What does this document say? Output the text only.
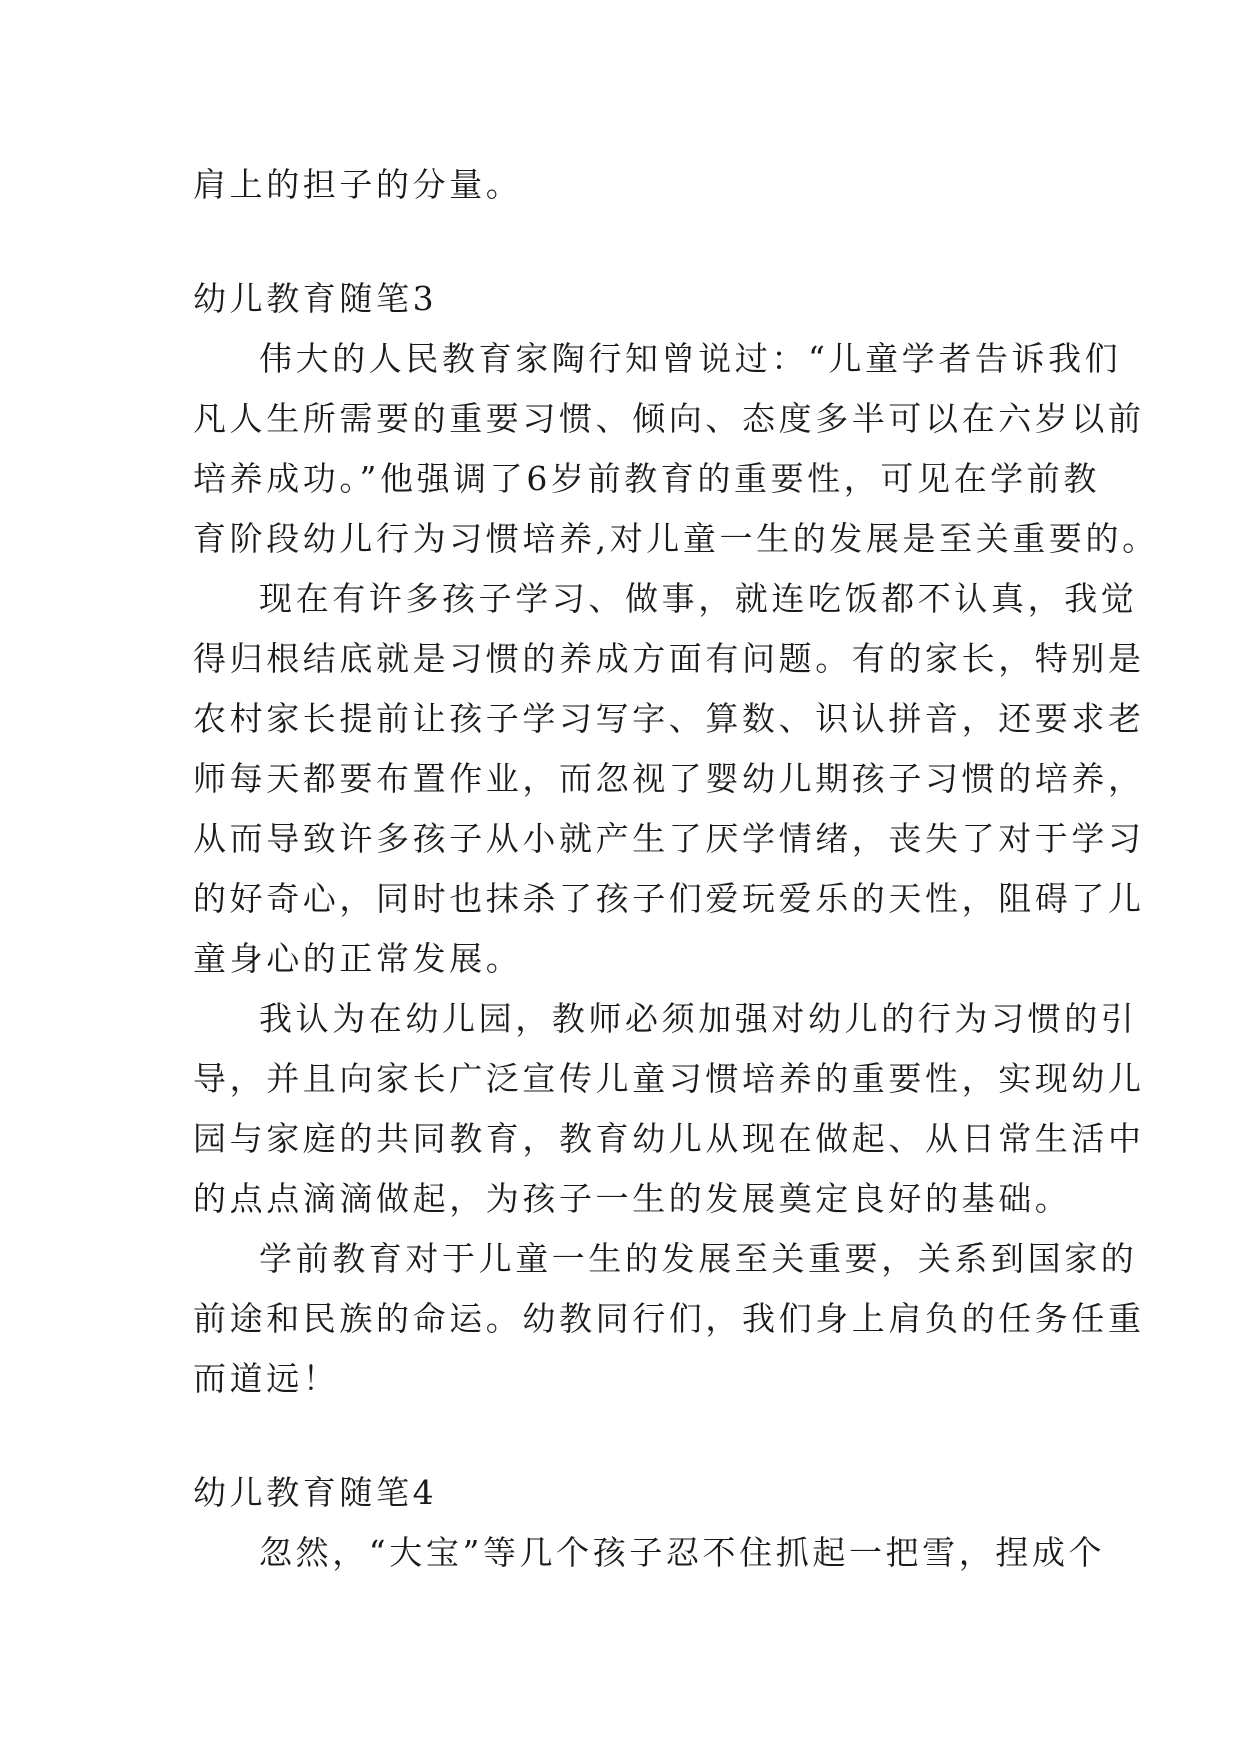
肩上的担子的分量。
幼儿教育随笔3
伟大的人民教育家陶行知曾说过：“儿童学者告诉我们
凡人生所需要的重要习惯、倾向、态度多半可以在六岁以前
培养成功。”他强调了6岁前教育的重要性，可见在学前教
育阶段幼儿行为习惯培养,对儿童一生的发展是至关重要的。
现在有许多孩子学习、做事，就连吃饭都不认真，我觉
得归根结底就是习惯的养成方面有问题。有的家长，特别是
农村家长提前让孩子学习写字、算数、识认拼音，还要求老
师每天都要布置作业，而忽视了婴幼儿期孩子习惯的培养，
从而导致许多孩子从小就产生了厌学情绪，丧失了对于学习
的好奇心，同时也抹杀了孩子们爱玩爱乐的天性，阻碍了儿
童身心的正常发展。
我认为在幼儿园，教师必须加强对幼儿的行为习惯的引
导，并且向家长广泛宣传儿童习惯培养的重要性，实现幼儿
园与家庭的共同教育，教育幼儿从现在做起、从日常生活中
的点点滴滴做起，为孩子一生的发展奠定良好的基础。
学前教育对于儿童一生的发展至关重要，关系到国家的
前途和民族的命运。幼教同行们，我们身上肩负的任务任重
而道远！
幼儿教育随笔4
忽然，“大宝”等几个孩子忍不住抓起一把雪，捏成个
